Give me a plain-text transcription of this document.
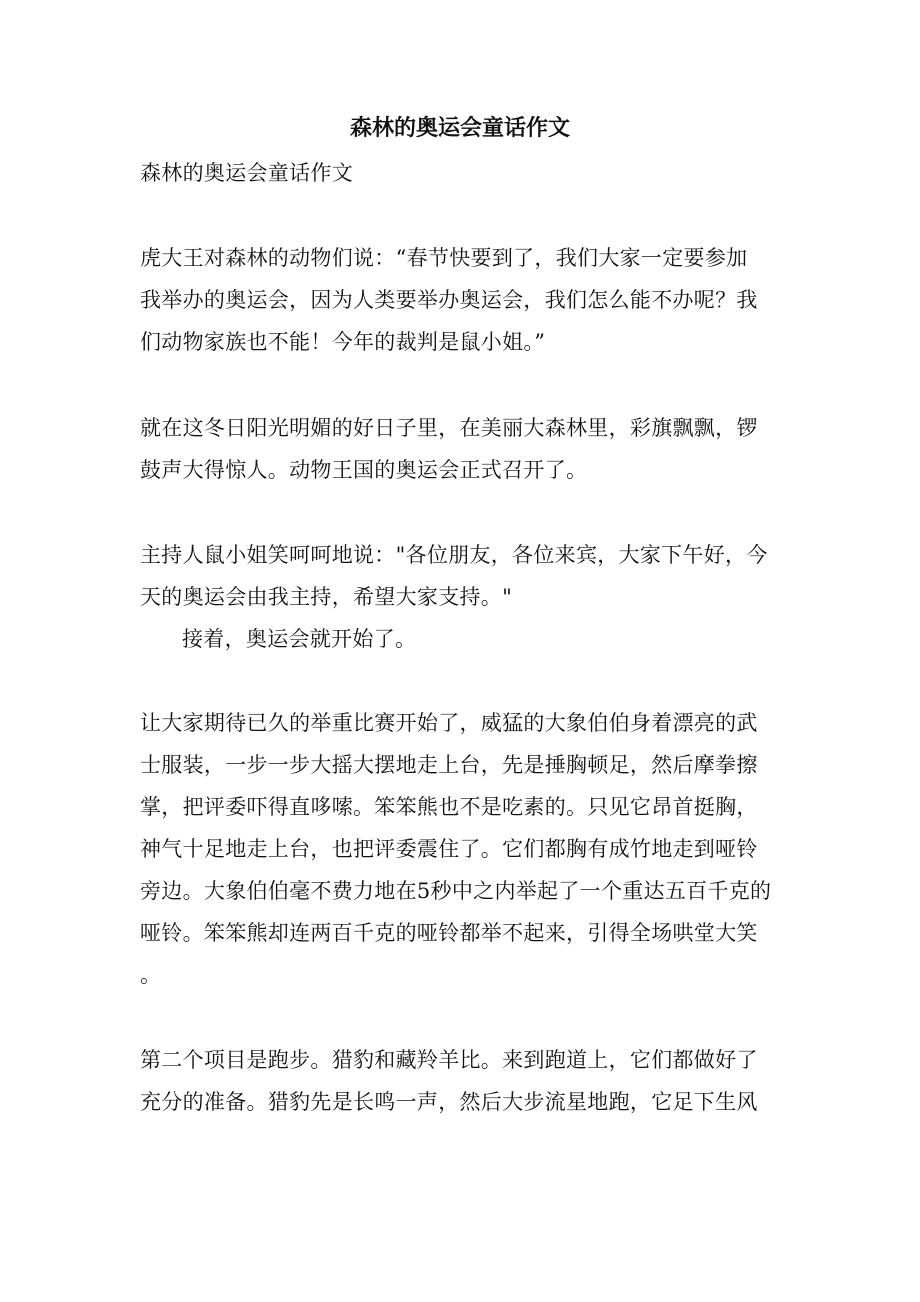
森林的奥运会童话作文
森林的奥运会童话作文
虎大王对森林的动物们说：“春节快要到了，我们大家一定要参加
我举办的奥运会，因为人类要举办奥运会，我们怎么能不办呢？我
们动物家族也不能！今年的裁判是鼠小姐。”
就在这冬日阳光明媚的好日子里，在美丽大森林里，彩旗飘飘，锣
鼓声大得惊人。动物王国的奥运会正式召开了。
主持人鼠小姐笑呵呵地说："各位朋友，各位来宾，大家下午好，今
天的奥运会由我主持，希望大家支持。"
接着，奥运会就开始了。
让大家期待已久的举重比赛开始了，威猛的大象伯伯身着漂亮的武
士服装，一步一步大摇大摆地走上台，先是捶胸顿足，然后摩拳擦
掌，把评委吓得直哆嗦。笨笨熊也不是吃素的。只见它昂首挺胸，
神气十足地走上台，也把评委震住了。它们都胸有成竹地走到哑铃
旁边。大象伯伯毫不费力地在5秒中之内举起了一个重达五百千克的
哑铃。笨笨熊却连两百千克的哑铃都举不起来，引得全场哄堂大笑
。
第二个项目是跑步。猎豹和藏羚羊比。来到跑道上，它们都做好了
充分的准备。猎豹先是长鸣一声，然后大步流星地跑，它足下生风
